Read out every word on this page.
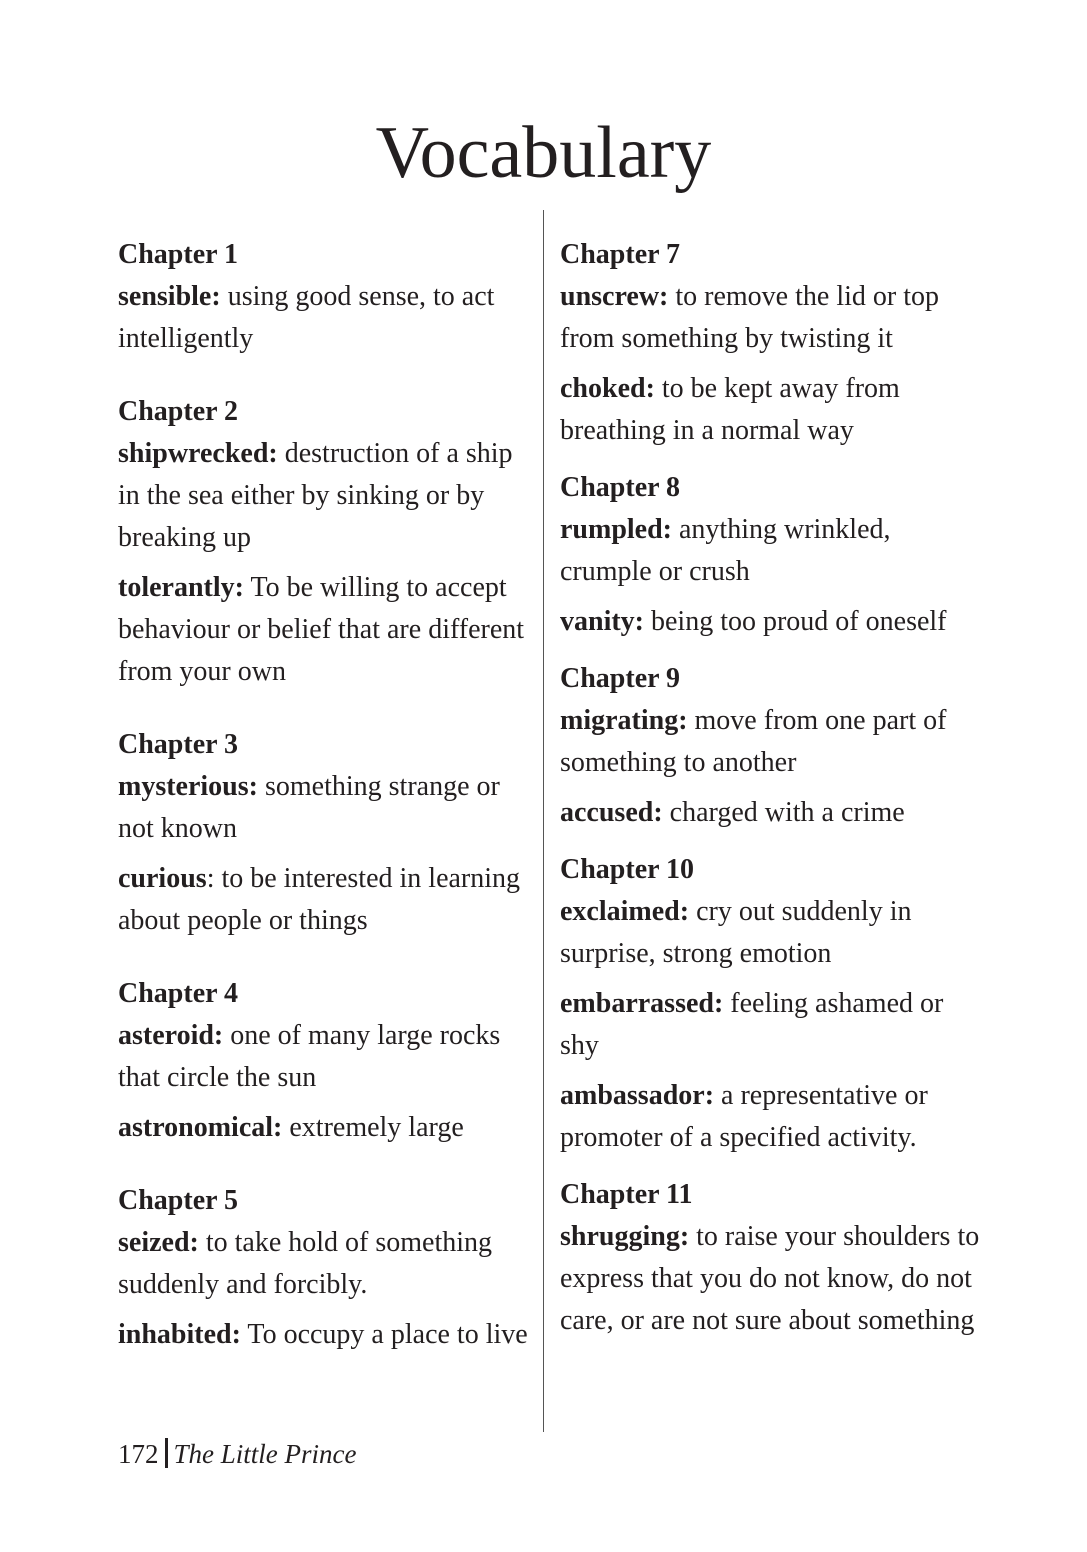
Vocabulary
Chapter 1

sensible: using good sense, to act intelligently

Chapter 2

shipwrecked: destruction of a ship in the sea either by sinking or by breaking up

tolerantly: To be willing to accept behaviour or belief that are different from your own

Chapter 3

mysterious: something strange or not known

curious: to be interested in learning about people or things

Chapter 4

asteroid: one of many large rocks that circle the sun

astronomical: extremely large

Chapter 5

seized: to take hold of something suddenly and forcibly.

inhabited: To occupy a place to live

Chapter 7

unscrew: to remove the lid or top from something by twisting it

choked: to be kept away from breathing in a normal way

Chapter 8

rumpled: anything wrinkled, crumple or crush

vanity: being too proud of oneself

Chapter 9

migrating: move from one part of something to another

accused: charged with a crime

Chapter 10

exclaimed: cry out suddenly in surprise, strong emotion

embarrassed: feeling ashamed or shy

ambassador: a representative or promoter of a specified activity.

Chapter 11

shrugging: to raise your shoulders to express that you do not know, do not care, or are not sure about something

172 The Little Prince
